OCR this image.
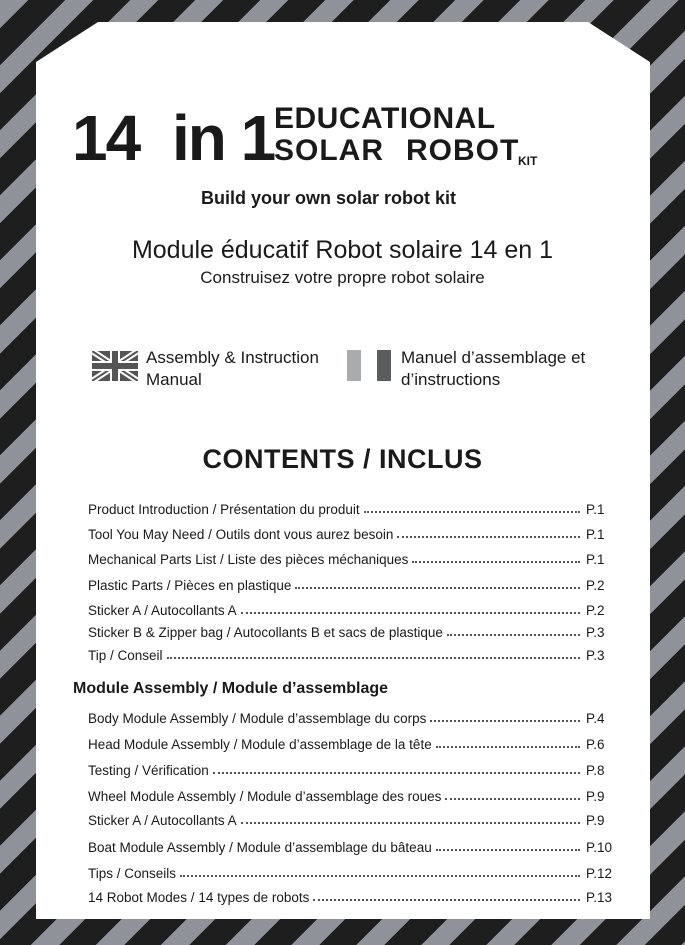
14 in 1 EDUCATIONAL
SOLAR ROBOT
KIT
Build your own solar robot kit
Module éducatif Robot solaire 14 en 1
Construisez votre propre robot solaire
Assembly & Instruction Manual
Manuel d’assemblage et d’instructions
CONTENTS / INCLUS
Product Introduction / Présentation du produit	P.1
Tool You May Need / Outils dont vous aurez besoin	P.1
Mechanical Parts List / Liste des pièces méchaniques	P.1
Plastic Parts / Pièces en plastique	P.2
Sticker A / Autocollants A	P.2
Sticker B & Zipper bag / Autocollants B et sacs de plastique	P.3
Tip / Conseil	P.3
Module Assembly / Module d’assemblage
Body Module Assembly / Module d’assemblage du corps	P.4
Head Module Assembly / Module d’assemblage de la tête	P.6
Testing / Vérification	P.8
Wheel Module Assembly / Module d’assemblage des roues	P.9
Sticker A / Autocollants A	P.9
Boat Module Assembly / Module d’assemblage du bâteau	P.10
Tips / Conseils	P.12
14 Robot Modes / 14 types de robots	P.13
